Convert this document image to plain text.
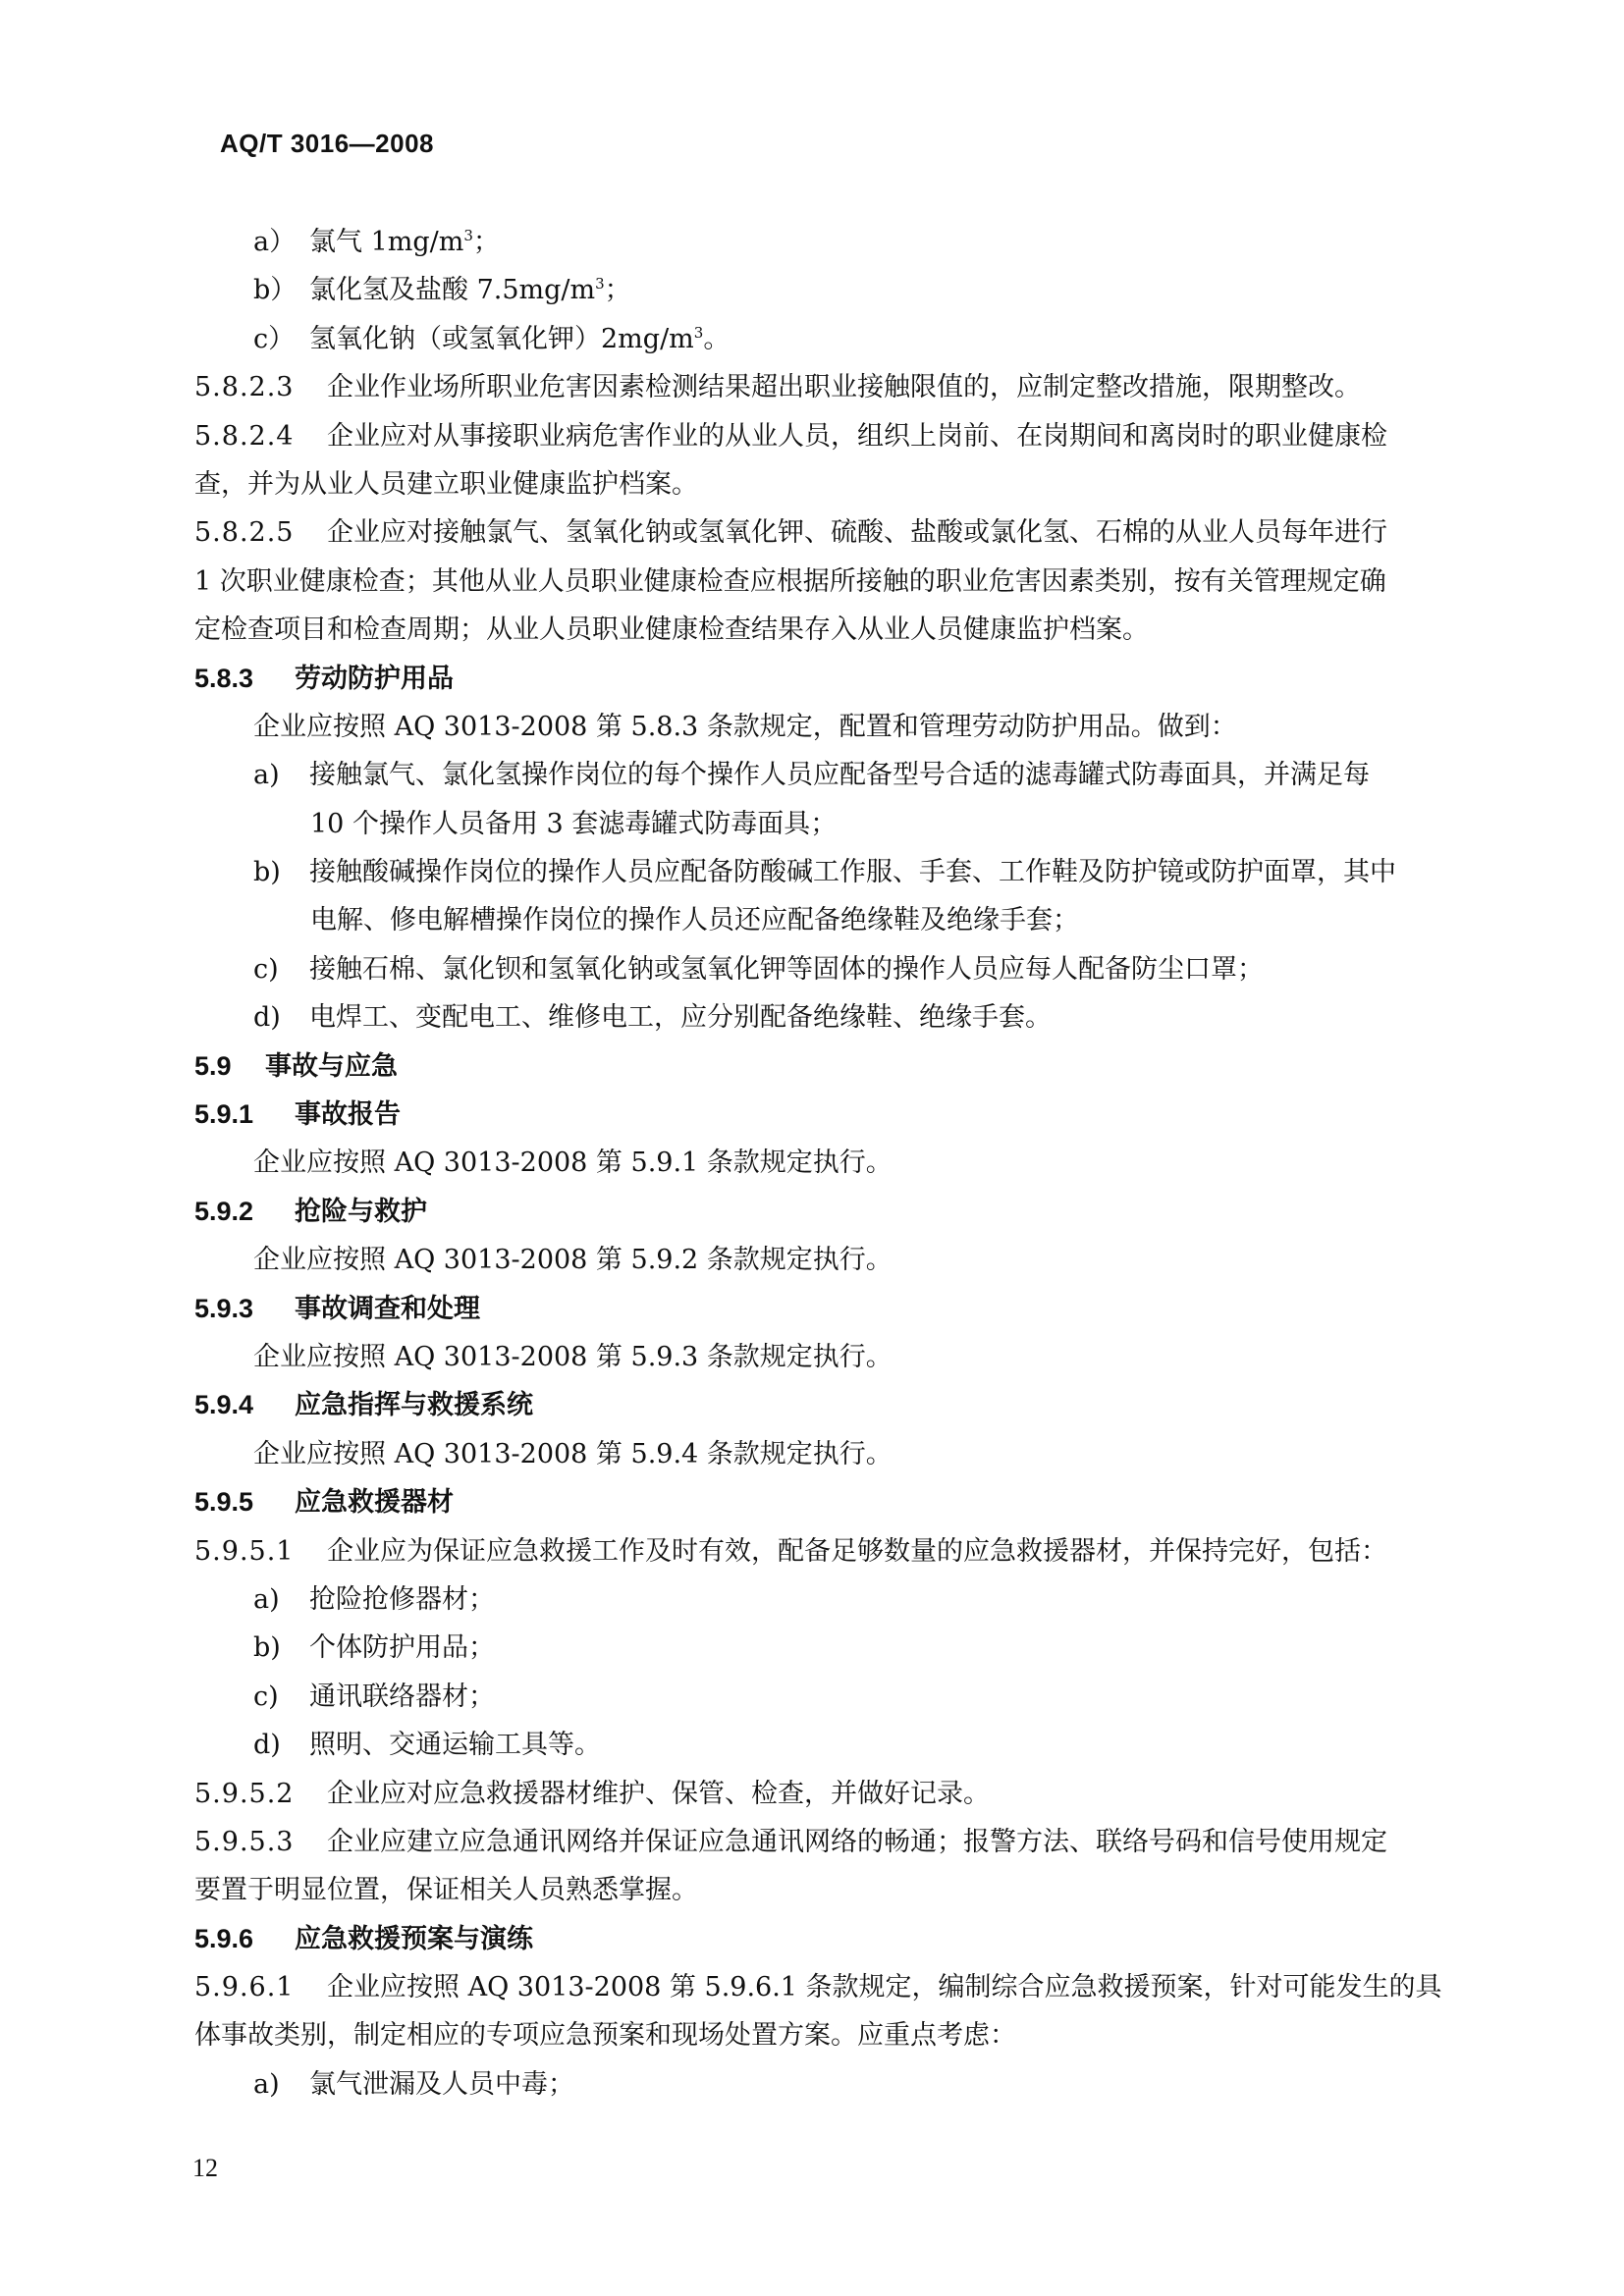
AQ/T 3016—2008
a） 氯气 $1mg/m^3$；
b） 氯化氢及盐酸 $7.5mg/m^3$；
c） 氢氧化钠（或氢氧化钾）$2mg/m^3$。
5.8.2.3 企业作业场所职业危害因素检测结果超出职业接触限值的，应制定整改措施，限期整改。
5.8.2.4 企业应对从事接职业病危害作业的从业人员，组织上岗前、在岗期间和离岗时的职业健康检
查，并为从业人员建立职业健康监护档案。
5.8.2.5 企业应对接触氯气、氢氧化钠或氢氧化钾、硫酸、盐酸或氯化氢、石棉的从业人员每年进行
1 次职业健康检查；其他从业人员职业健康检查应根据所接触的职业危害因素类别，按有关管理规定确
定检查项目和检查周期；从业人员职业健康检查结果存入从业人员健康监护档案。
5.8.3 劳动防护用品
企业应按照 AQ 3013-2008 第 5.8.3 条款规定，配置和管理劳动防护用品。做到：
a) 接触氯气、氯化氢操作岗位的每个操作人员应配备型号合适的滤毒罐式防毒面具，并满足每
10 个操作人员备用 3 套滤毒罐式防毒面具；
b) 接触酸碱操作岗位的操作人员应配备防酸碱工作服、手套、工作鞋及防护镜或防护面罩，其中
电解、修电解槽操作岗位的操作人员还应配备绝缘鞋及绝缘手套；
c) 接触石棉、氯化钡和氢氧化钠或氢氧化钾等固体的操作人员应每人配备防尘口罩；
d) 电焊工、变配电工、维修电工，应分别配备绝缘鞋、绝缘手套。
5.9 事故与应急
5.9.1 事故报告
企业应按照 AQ 3013-2008 第 5.9.1 条款规定执行。
5.9.2 抢险与救护
企业应按照 AQ 3013-2008 第 5.9.2 条款规定执行。
5.9.3 事故调查和处理
企业应按照 AQ 3013-2008 第 5.9.3 条款规定执行。
5.9.4 应急指挥与救援系统
企业应按照 AQ 3013-2008 第 5.9.4 条款规定执行。
5.9.5 应急救援器材
5.9.5.1 企业应为保证应急救援工作及时有效，配备足够数量的应急救援器材，并保持完好，包括：
a) 抢险抢修器材；
b) 个体防护用品；
c) 通讯联络器材；
d) 照明、交通运输工具等。
5.9.5.2 企业应对应急救援器材维护、保管、检查，并做好记录。
5.9.5.3 企业应建立应急通讯网络并保证应急通讯网络的畅通；报警方法、联络号码和信号使用规定
要置于明显位置，保证相关人员熟悉掌握。
5.9.6 应急救援预案与演练
5.9.6.1 企业应按照 AQ 3013-2008 第 5.9.6.1 条款规定，编制综合应急救援预案，针对可能发生的具
体事故类别，制定相应的专项应急预案和现场处置方案。应重点考虑：
a) 氯气泄漏及人员中毒；
12
